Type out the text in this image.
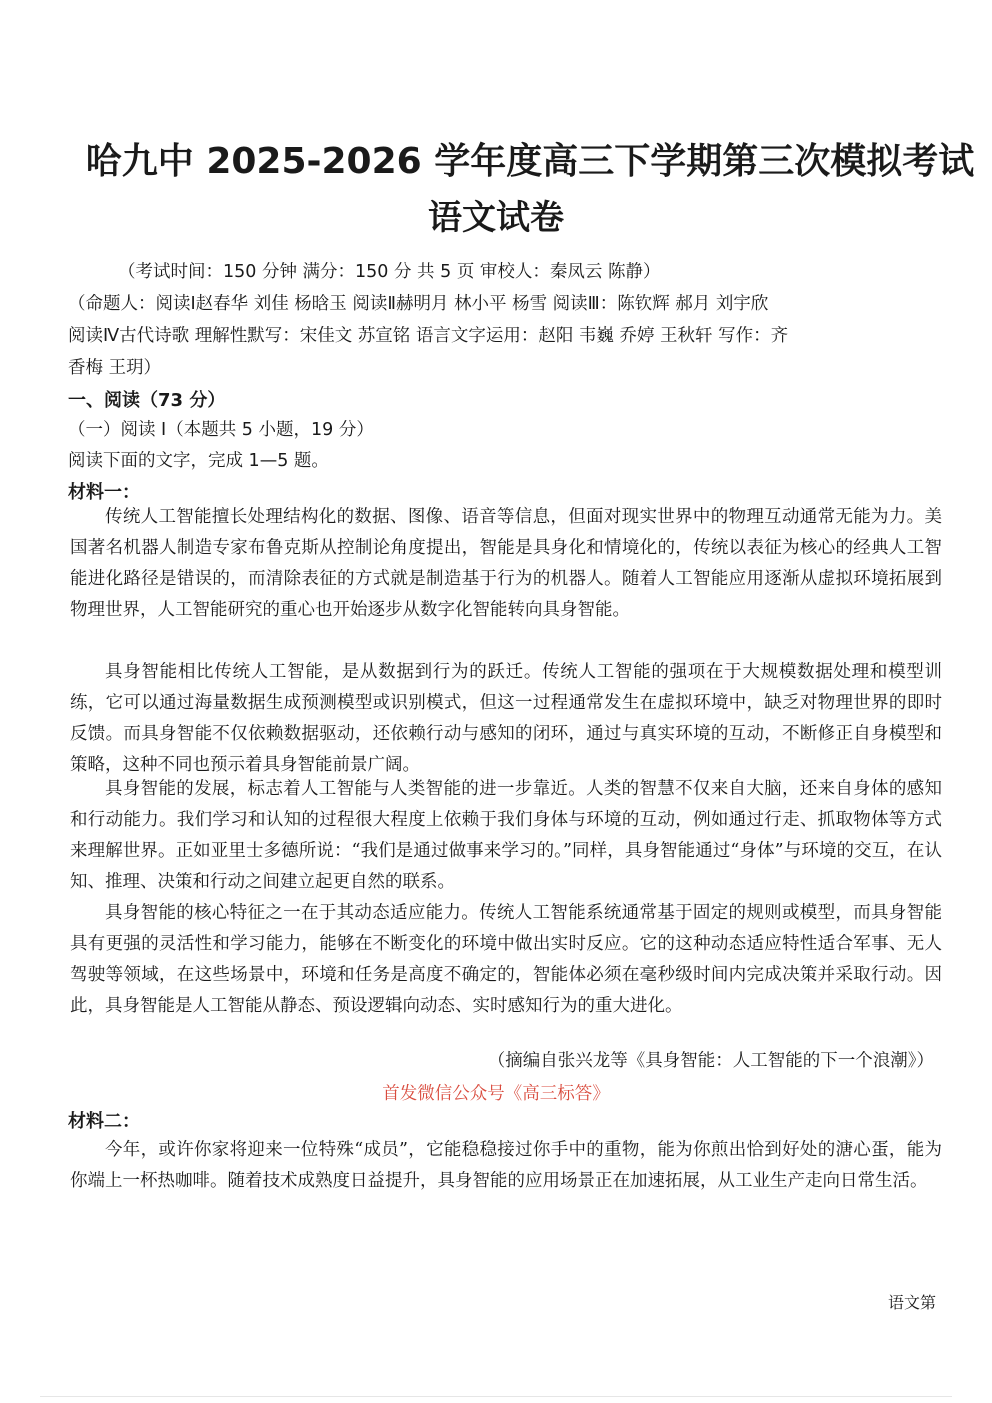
哈九中 2025-2026 学年度高三下学期第三次模拟考试
语文试卷
（考试时间：150 分钟 满分：150 分 共 5 页 审校人：秦凤云 陈静）
（命题人：阅读Ⅰ赵春华 刘佳 杨晗玉 阅读Ⅱ赫明月 林小平 杨雪 阅读Ⅲ：陈钦辉 郝月 刘宇欣
阅读Ⅳ古代诗歌 理解性默写：宋佳文 苏宣铭 语言文字运用：赵阳 韦巍 乔婷 王秋轩 写作：齐
香梅 王玥）
一、阅读（73 分）
（一）阅读 I（本题共 5 小题，19 分）
阅读下面的文字，完成 1—5 题。
材料一：

传统人工智能擅长处理结构化的数据、图像、语音等信息，但面对现实世界中的物理互动通常无能为力。美国著名机器人制造专家布鲁克斯从控制论角度提出，智能是具身化和情境化的，传统以表征为核心的经典人工智能进化路径是错误的，而清除表征的方式就是制造基于行为的机器人。随着人工智能应用逐渐从虚拟环境拓展到物理世界，人工智能研究的重心也开始逐步从数字化智能转向具身智能。

具身智能相比传统人工智能，是从数据到行为的跃迁。传统人工智能的强项在于大规模数据处理和模型训练，它可以通过海量数据生成预测模型或识别模式，但这一过程通常发生在虚拟环境中，缺乏对物理世界的即时反馈。而具身智能不仅依赖数据驱动，还依赖行动与感知的闭环，通过与真实环境的互动，不断修正自身模型和策略，这种不同也预示着具身智能前景广阔。

具身智能的发展，标志着人工智能与人类智能的进一步靠近。人类的智慧不仅来自大脑，还来自身体的感知和行动能力。我们学习和认知的过程很大程度上依赖于我们身体与环境的互动，例如通过行走、抓取物体等方式来理解世界。正如亚里士多德所说：“我们是通过做事来学习的。”同样，具身智能通过“身体”与环境的交互，在认知、推理、决策和行动之间建立起更自然的联系。

具身智能的核心特征之一在于其动态适应能力。传统人工智能系统通常基于固定的规则或模型，而具身智能具有更强的灵活性和学习能力，能够在不断变化的环境中做出实时反应。它的这种动态适应特性适合军事、无人驾驶等领域，在这些场景中，环境和任务是高度不确定的，智能体必须在毫秒级时间内完成决策并采取行动。因此，具身智能是人工智能从静态、预设逻辑向动态、实时感知行为的重大进化。

（摘编自张兴龙等《具身智能：人工智能的下一个浪潮》）
首发微信公众号《高三标答》
材料二：

今年，或许你家将迎来一位特殊“成员”，它能稳稳接过你手中的重物，能为你煎出恰到好处的溏心蛋，能为你端上一杯热咖啡。随着技术成熟度日益提升，具身智能的应用场景正在加速拓展，从工业生产走向日常生活。

语文第
